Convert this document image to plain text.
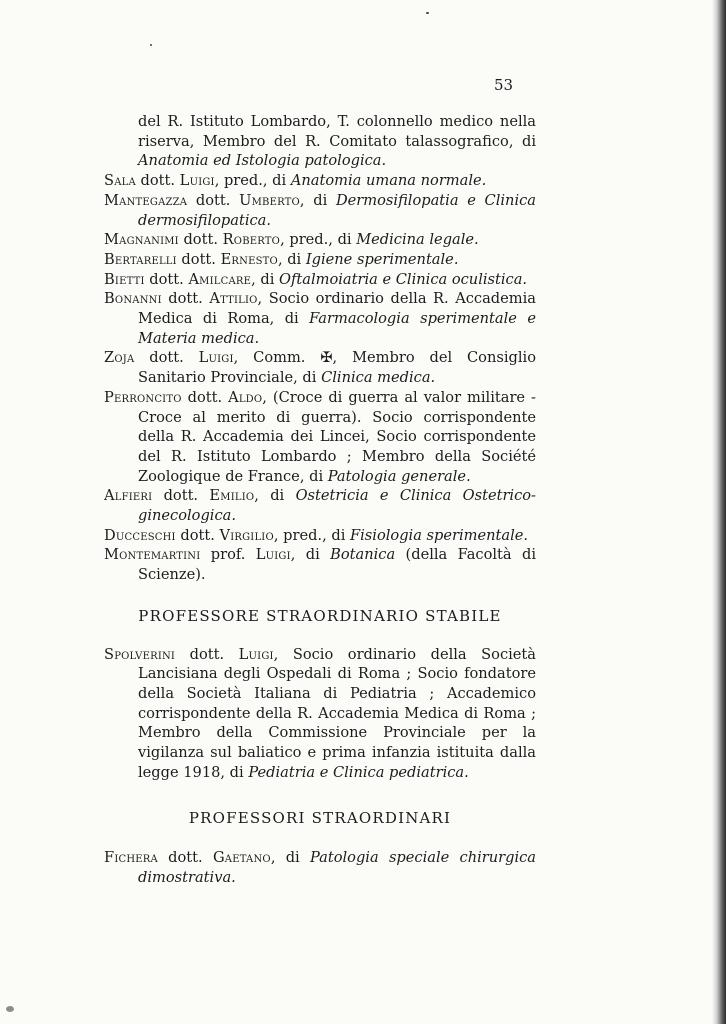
53

del R. Istituto Lombardo, T. colonnello medico nella riserva, Membro del R. Comitato talassografico, di Anatomia ed Istologia patologica.

Sala dott. Luigi, pred., di Anatomia umana normale.

Mantegazza dott. Umberto, di Dermosifilopatia e Clinica dermosifilopatica.

Magnanimi dott. Roberto, pred., di Medicina legale.

Bertarelli dott. Ernesto, di Igiene sperimentale.

Bietti dott. Amilcare, di Oftalmoiatria e Clinica oculistica.

Bonanni dott. Attilio, Socio ordinario della R. Accademia Medica di Roma, di Farmacologia sperimentale e Materia medica.

Zoja dott. Luigi, Comm. ✠, Membro del Consiglio Sanitario Provinciale, di Clinica medica.

Perroncito dott. Aldo, (Croce di guerra al valor militare - Croce al merito di guerra). Socio corrispondente della R. Accademia dei Lincei, Socio corrispondente del R. Istituto Lombardo ; Membro della Société Zoologique de France, di Patologia generale.

Alfieri dott. Emilio, di Ostetricia e Clinica Ostetrico-ginecologica.

Ducceschi dott. Virgilio, pred., di Fisiologia sperimentale.

Montemartini prof. Luigi, di Botanica (della Facoltà di Scienze).

PROFESSORE STRAORDINARIO STABILE

Spolverini dott. Luigi, Socio ordinario della Società Lancisiana degli Ospedali di Roma ; Socio fondatore della Società Italiana di Pediatria ; Accademico corrispondente della R. Accademia Medica di Roma ; Membro della Commissione Provinciale per la vigilanza sul baliatico e prima infanzia istituita dalla legge 1918, di Pediatria e Clinica pediatrica.

PROFESSORI STRAORDINARI

Fichera dott. Gaetano, di Patologia speciale chirurgica dimostrativa.
